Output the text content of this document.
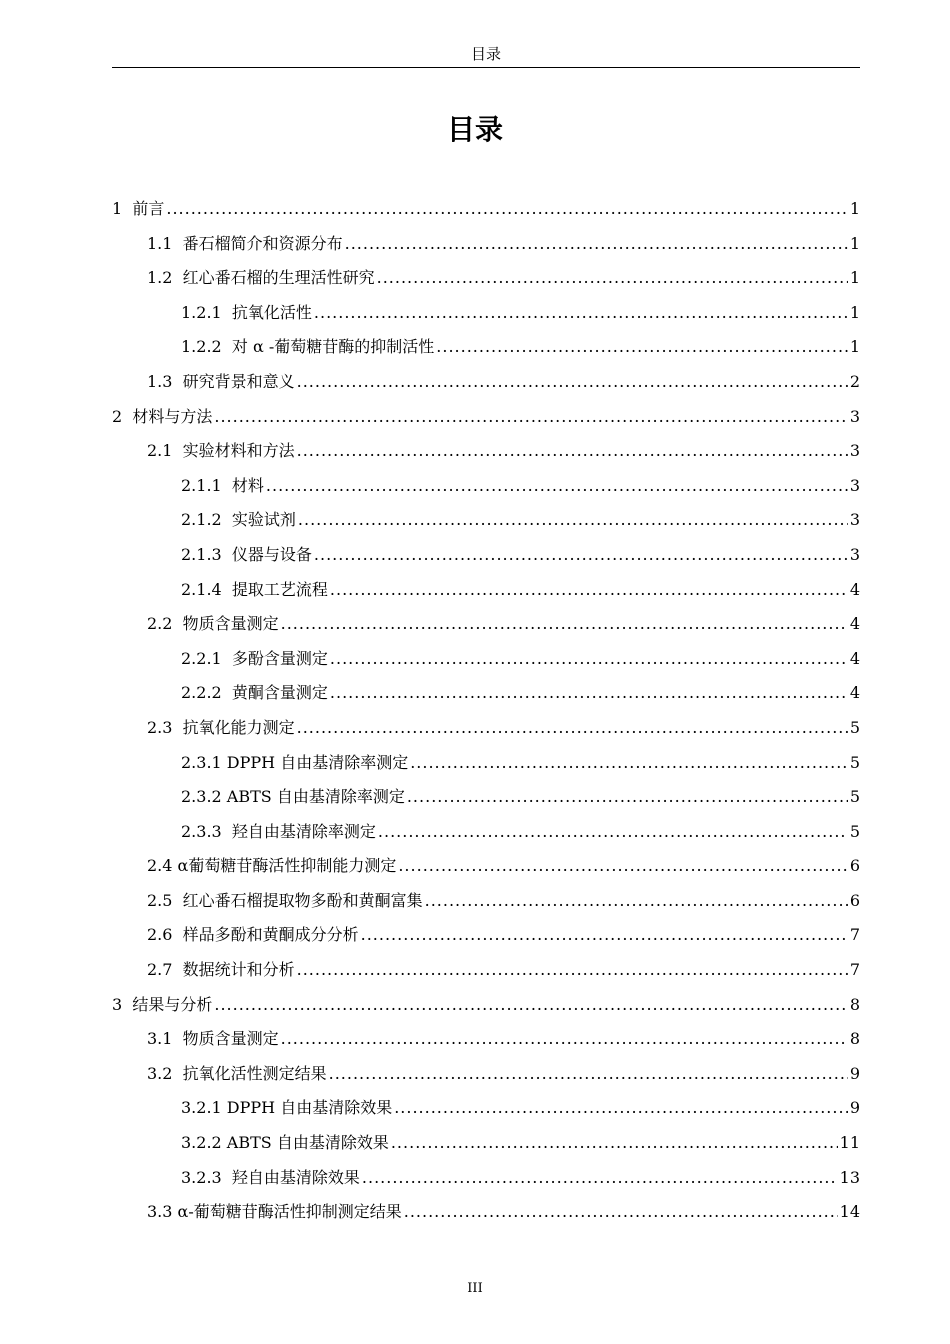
目录
目录
1  前言 .....	1
1.1  番石榴简介和资源分布 .....	1
1.2  红心番石榴的生理活性研究 .....	1
1.2.1  抗氧化活性 .....	1
1.2.2  对 α -葡萄糖苷酶的抑制活性 .....	1
1.3  研究背景和意义 .....	2
2  材料与方法 .....	3
2.1  实验材料和方法 .....	3
2.1.1  材料 .....	3
2.1.2  实验试剂 .....	3
2.1.3  仪器与设备 .....	3
2.1.4  提取工艺流程 .....	4
2.2  物质含量测定 .....	4
2.2.1  多酚含量测定 .....	4
2.2.2  黄酮含量测定 .....	4
2.3  抗氧化能力测定 .....	5
2.3.1 DPPH 自由基清除率测定 .....	5
2.3.2 ABTS 自由基清除率测定 .....	5
2.3.3  羟自由基清除率测定 .....	5
2.4 α葡萄糖苷酶活性抑制能力测定 .....	6
2.5  红心番石榴提取物多酚和黄酮富集 .....	6
2.6  样品多酚和黄酮成分分析 .....	7
2.7  数据统计和分析 .....	7
3  结果与分析 .....	8
3.1  物质含量测定 .....	8
3.2  抗氧化活性测定结果 .....	9
3.2.1 DPPH 自由基清除效果 .....	9
3.2.2 ABTS 自由基清除效果 .....	11
3.2.3  羟自由基清除效果 .....	13
3.3 α-葡萄糖苷酶活性抑制测定结果 .....	14
III
